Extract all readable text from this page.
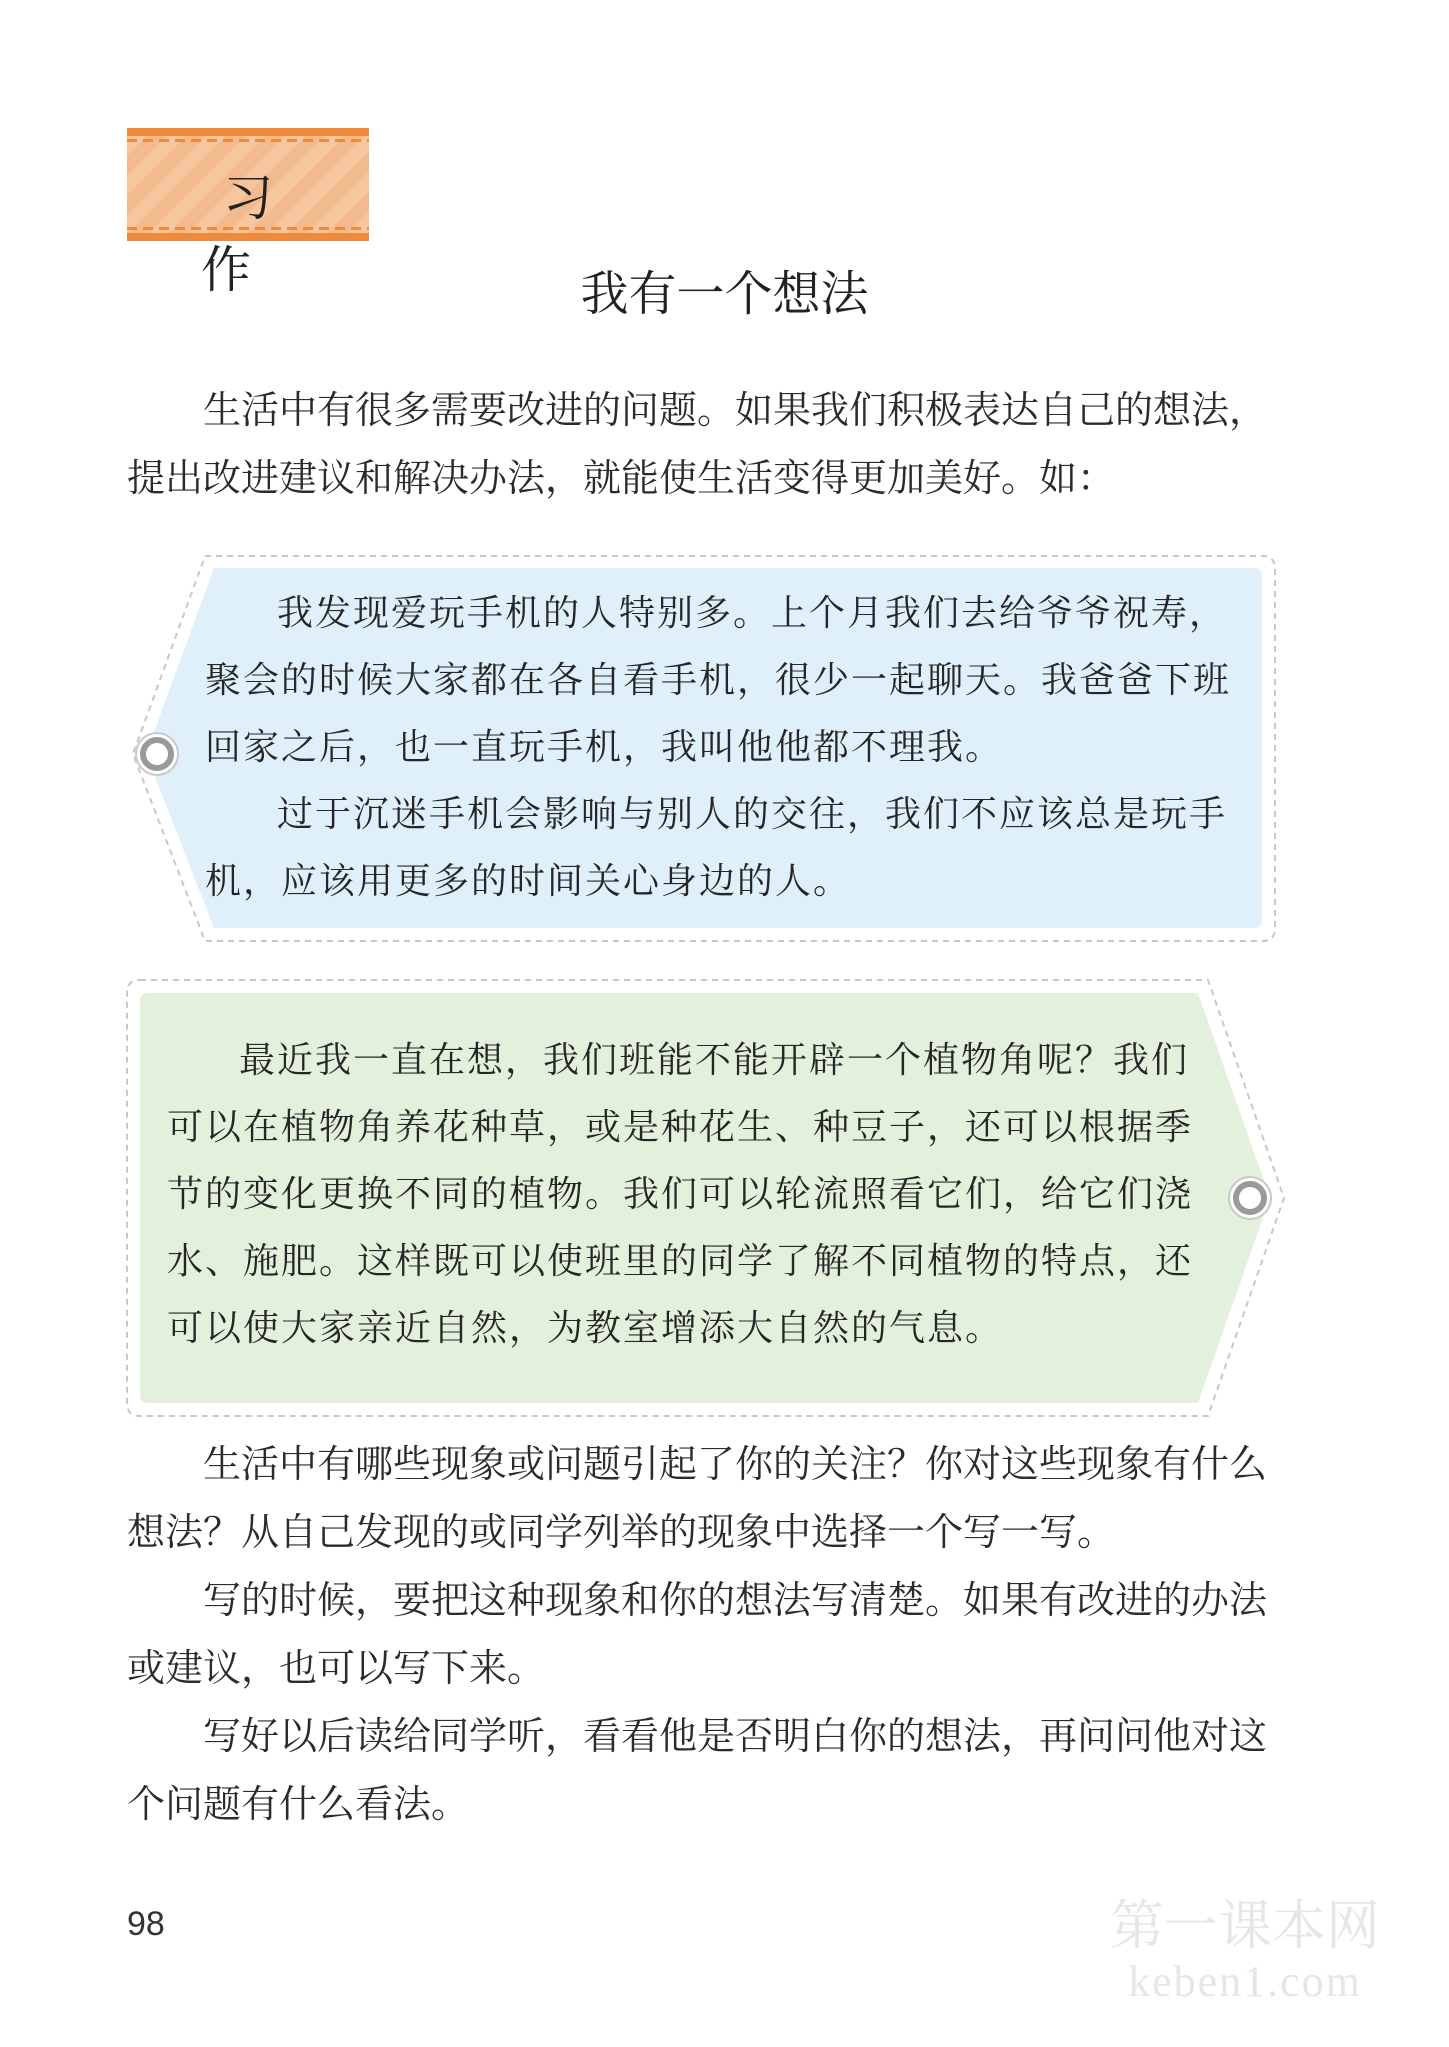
习 作	我有一个想法

生活中有很多需要改进的问题。如果我们积极表达自己的想法，提出改进建议和解决办法，就能使生活变得更加美好。如：

我发现爱玩手机的人特别多。上个月我们去给爷爷祝寿，聚会的时候大家都在各自看手机，很少一起聊天。我爸爸下班回家之后，也一直玩手机，我叫他他都不理我。

过于沉迷手机会影响与别人的交往，我们不应该总是玩手机，应该用更多的时间关心身边的人。

最近我一直在想，我们班能不能开辟一个植物角呢？我们可以在植物角养花种草，或是种花生、种豆子，还可以根据季节的变化更换不同的植物。我们可以轮流照看它们，给它们浇水、施肥。这样既可以使班里的同学了解不同植物的特点，还可以使大家亲近自然，为教室增添大自然的气息。

生活中有哪些现象或问题引起了你的关注？你对这些现象有什么想法？从自己发现的或同学列举的现象中选择一个写一写。

写的时候，要把这种现象和你的想法写清楚。如果有改进的办法或建议，也可以写下来。

写好以后读给同学听，看看他是否明白你的想法，再问问他对这个问题有什么看法。

98	第一课本网
keben1.com
